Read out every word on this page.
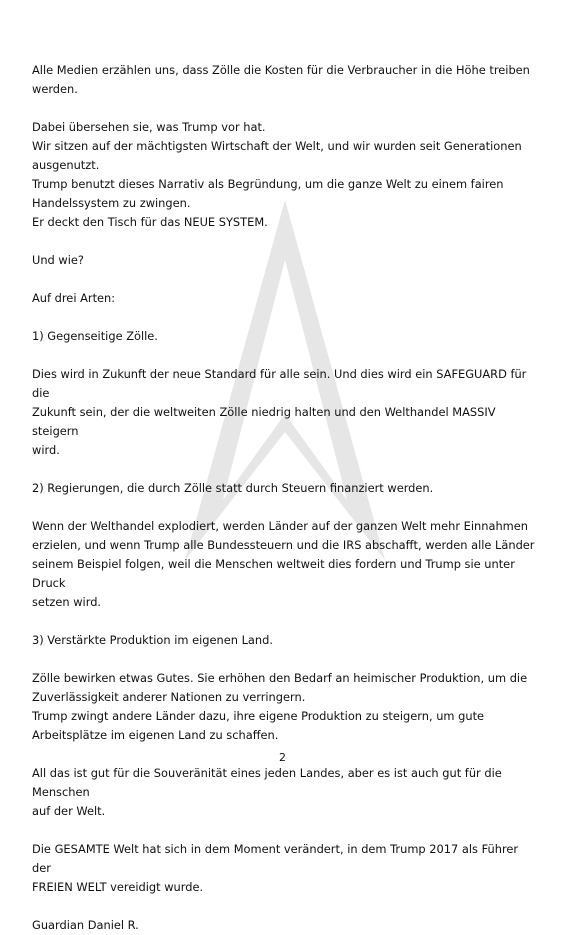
Alle Medien erzählen uns, dass Zölle die Kosten für die Verbraucher in die Höhe treiben
werden.

Dabei übersehen sie, was Trump vor hat.
Wir sitzen auf der mächtigsten Wirtschaft der Welt, und wir wurden seit Generationen
ausgenutzt.
Trump benutzt dieses Narrativ als Begründung, um die ganze Welt zu einem fairen
Handelssystem zu zwingen.
Er deckt den Tisch für das NEUE SYSTEM.

Und wie?

Auf drei Arten:

1) Gegenseitige Zölle.

Dies wird in Zukunft der neue Standard für alle sein. Und dies wird ein SAFEGUARD für die
Zukunft sein, der die weltweiten Zölle niedrig halten und den Welthandel MASSIV steigern
wird.

2) Regierungen, die durch Zölle statt durch Steuern finanziert werden.

Wenn der Welthandel explodiert, werden Länder auf der ganzen Welt mehr Einnahmen
erzielen, und wenn Trump alle Bundessteuern und die IRS abschafft, werden alle Länder
seinem Beispiel folgen, weil die Menschen weltweit dies fordern und Trump sie unter Druck
setzen wird.

3) Verstärkte Produktion im eigenen Land.

Zölle bewirken etwas Gutes. Sie erhöhen den Bedarf an heimischer Produktion, um die
Zuverlässigkeit anderer Nationen zu verringern.
Trump zwingt andere Länder dazu, ihre eigene Produktion zu steigern, um gute
Arbeitsplätze im eigenen Land zu schaffen.

All das ist gut für die Souveränität eines jeden Landes, aber es ist auch gut für die Menschen
auf der Welt.

Die GESAMTE Welt hat sich in dem Moment verändert, in dem Trump 2017 als Führer der
FREIEN WELT vereidigt wurde.

Guardian Daniel R.

2
